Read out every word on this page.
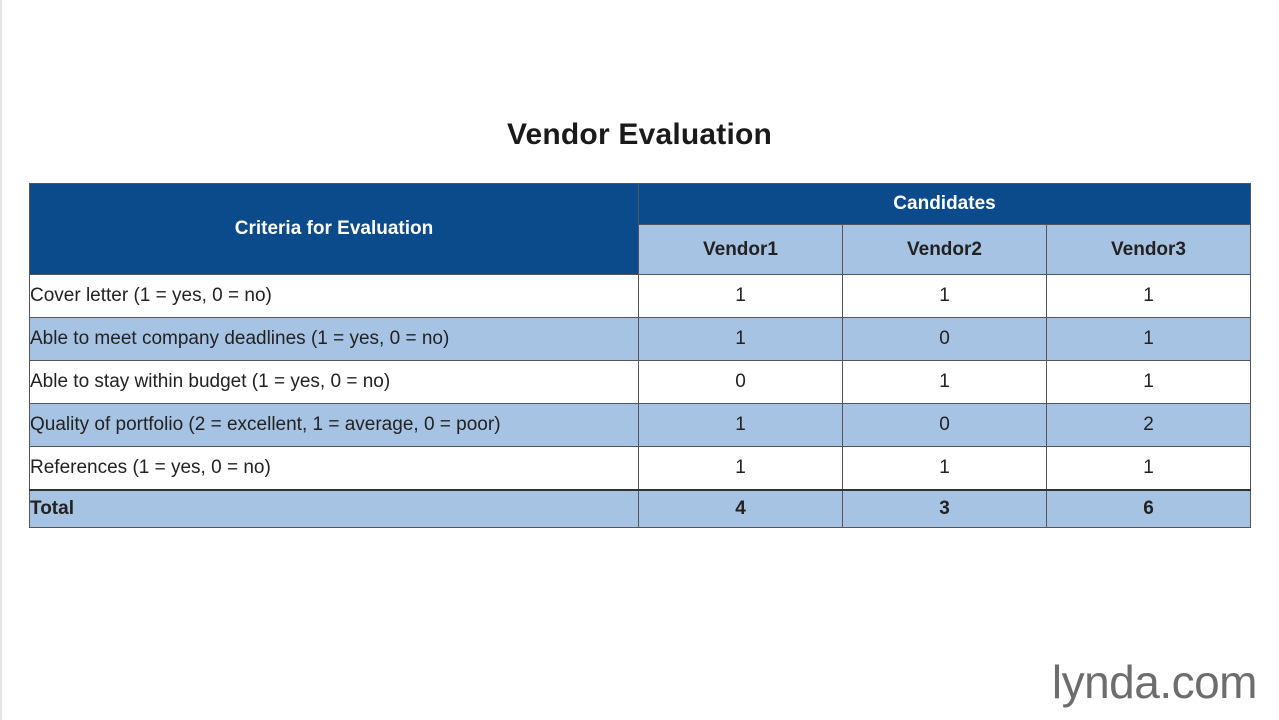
Vendor Evaluation
Criteria for Evaluation	Candidates		
	Vendor1	Vendor2	Vendor3
Cover letter (1 = yes, 0 = no)	1	1	1
Able to meet company deadlines (1 = yes, 0 = no)	1	0	1
Able to stay within budget (1 = yes, 0 = no)	0	1	1
Quality of portfolio (2 = excellent, 1 = average, 0 = poor)	1	0	2
References (1 = yes, 0 = no)	1	1	1
Total	4	3	6
lynda.com
